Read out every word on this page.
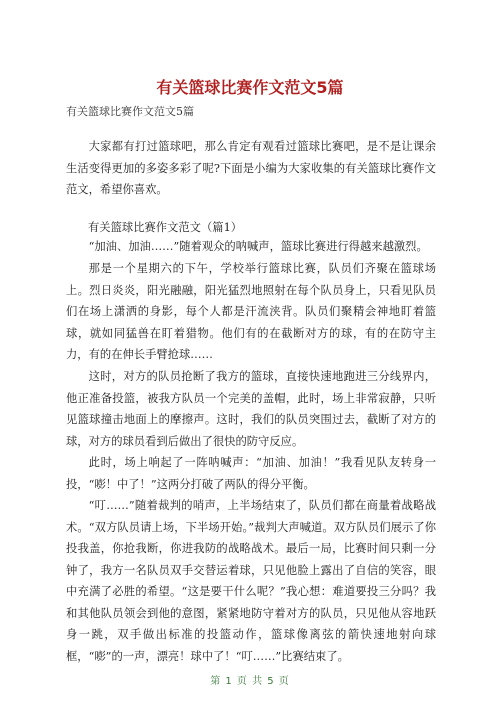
有关篮球比赛作文范文5篇
有关篮球比赛作文范文5篇
大家都有打过篮球吧，那么肯定有观看过篮球比赛吧，是不是让课余生活变得更加的多姿多彩了呢?下面是小编为大家收集的有关篮球比赛作文范文，希望你喜欢。
有关篮球比赛作文范文（篇1）
“加油、加油……”随着观众的呐喊声，篮球比赛进行得越来越激烈。
那是一个星期六的下午，学校举行篮球比赛，队员们齐聚在篮球场上。烈日炎炎，阳光融融，阳光猛烈地照射在每个队员身上，只看见队员们在场上潇洒的身影，每个人都是汗流浃背。队员们聚精会神地盯着篮球，就如同猛兽在盯着猎物。他们有的在截断对方的球，有的在防守主力，有的在伸长手臂抢球……
这时，对方的队员抢断了我方的篮球，直接快速地跑进三分线界内，他正准备投篮，被我方队员一个完美的盖帽，此时，场上非常寂静，只听见篮球撞击地面上的摩擦声。这时，我们的队员突围过去，截断了对方的球，对方的球员看到后做出了很快的防守反应。
此时，场上响起了一阵呐喊声：“加油、加油！”我看见队友转身一投，“嘭！中了！”这两分打破了两队的得分平衡。
“叮……”随着裁判的哨声，上半场结束了，队员们都在商量着战略战术。“双方队员请上场，下半场开始。”裁判大声喊道。双方队员们展示了你投我盖，你抢我断，你进我防的战略战术。最后一局，比赛时间只剩一分钟了，我方一名队员双手交替运着球，只见他脸上露出了自信的笑容，眼中充满了必胜的希望。“这是要干什么呢？”我心想：难道要投三分吗？我和其他队员领会到他的意图，紧紧地防守着对方的队员，只见他从容地跃身一跳，双手做出标准的投篮动作，篮球像离弦的箭快速地射向球框，“嘭”的一声，漂亮！球中了！“叮……”比赛结束了。
第 1 页 共 5 页
